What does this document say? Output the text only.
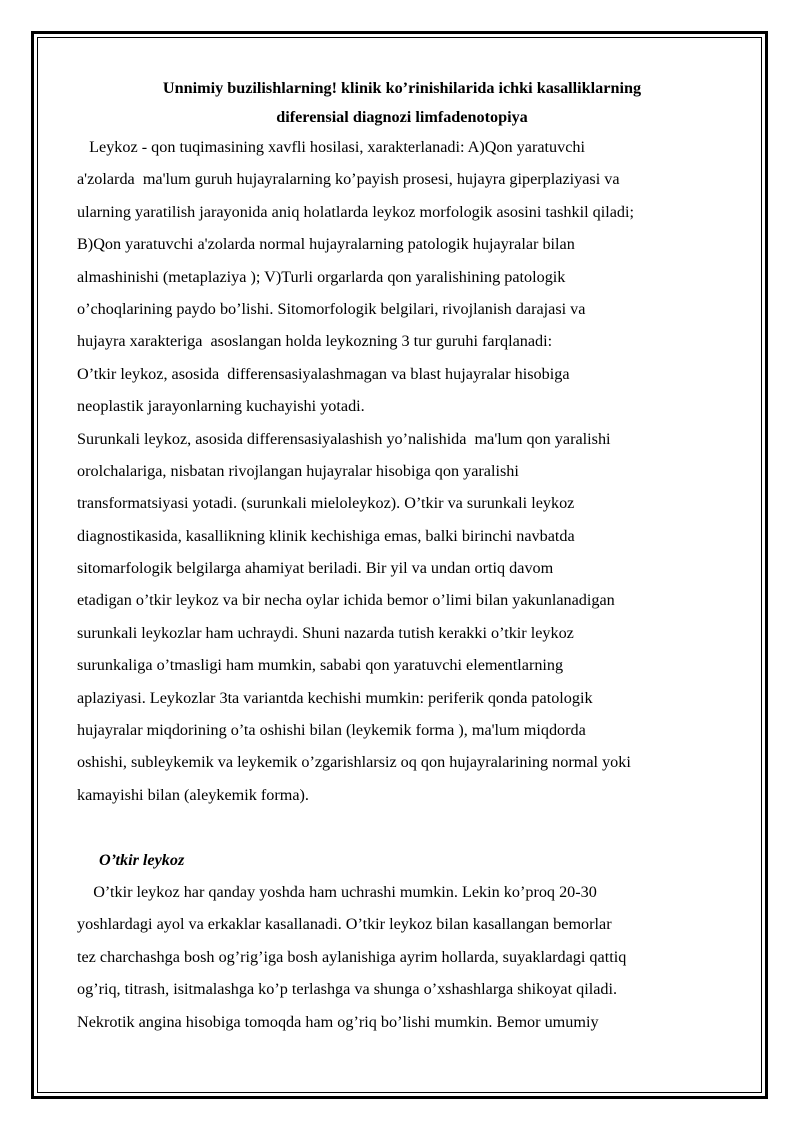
Unnimiy buzilishlarning! klinik ko’rinishilarida ichki kasalliklarning

diferensial diagnozi limfadenotopiya

Leykoz - qon tuqimasining xavfli hosilasi, xarakterlanadi: A)Qon yaratuvchi
a'zolarda  ma'lum guruh hujayralarning ko’payish prosesi, hujayra giperplaziyasi va
ularning yaratilish jarayonida aniq holatlarda leykoz morfologik asosini tashkil qiladi;
B)Qon yaratuvchi a'zolarda normal hujayralarning patologik hujayralar bilan
almashinishi (metaplaziya ); V)Turli orgarlarda qon yaralishining patologik
o’choqlarining paydo bo’lishi. Sitomorfologik belgilari, rivojlanish darajasi va
hujayra xarakteriga  asoslangan holda leykozning 3 tur guruhi farqlanadi:
O’tkir leykoz, asosida  differensasiyalashmagan va blast hujayralar hisobiga
neoplastik jarayonlarning kuchayishi yotadi.
Surunkali leykoz, asosida differensasiyalashish yo’nalishida  ma'lum qon yaralishi
orolchalariga, nisbatan rivojlangan hujayralar hisobiga qon yaralishi
transformatsiyasi yotadi. (surunkali mieloleykoz). O’tkir va surunkali leykoz
diagnostikasida, kasallikning klinik kechishiga emas, balki birinchi navbatda
sitomarfologik belgilarga ahamiyat beriladi. Bir yil va undan ortiq davom
etadigan o’tkir leykoz va bir necha oylar ichida bemor o’limi bilan yakunlanadigan
surunkali leykozlar ham uchraydi. Shuni nazarda tutish kerakki o’tkir leykoz
surunkaliga o’tmasligi ham mumkin, sababi qon yaratuvchi elementlarning
aplaziyasi. Leykozlar 3ta variantda kechishi mumkin: periferik qonda patologik
hujayralar miqdorining o’ta oshishi bilan (leykemik forma ), ma'lum miqdorda
oshishi, subleykemik va leykemik o’zgarishlarsiz oq qon hujayralarining normal yoki
kamayishi bilan (aleykemik forma).
O’tkir leykoz
O’tkir leykoz har qanday yoshda ham uchrashi mumkin. Lekin ko’proq 20-30
yoshlardagi ayol va erkaklar kasallanadi. O’tkir leykoz bilan kasallangan bemorlar
tez charchashga bosh og’rig’iga bosh aylanishiga ayrim hollarda, suyaklardagi qattiq
og’riq, titrash, isitmalashga ko’p terlashga va shunga o’xshashlarga shikoyat qiladi.
Nekrotik angina hisobiga tomoqda ham og’riq bo’lishi mumkin. Bemor umumiy
